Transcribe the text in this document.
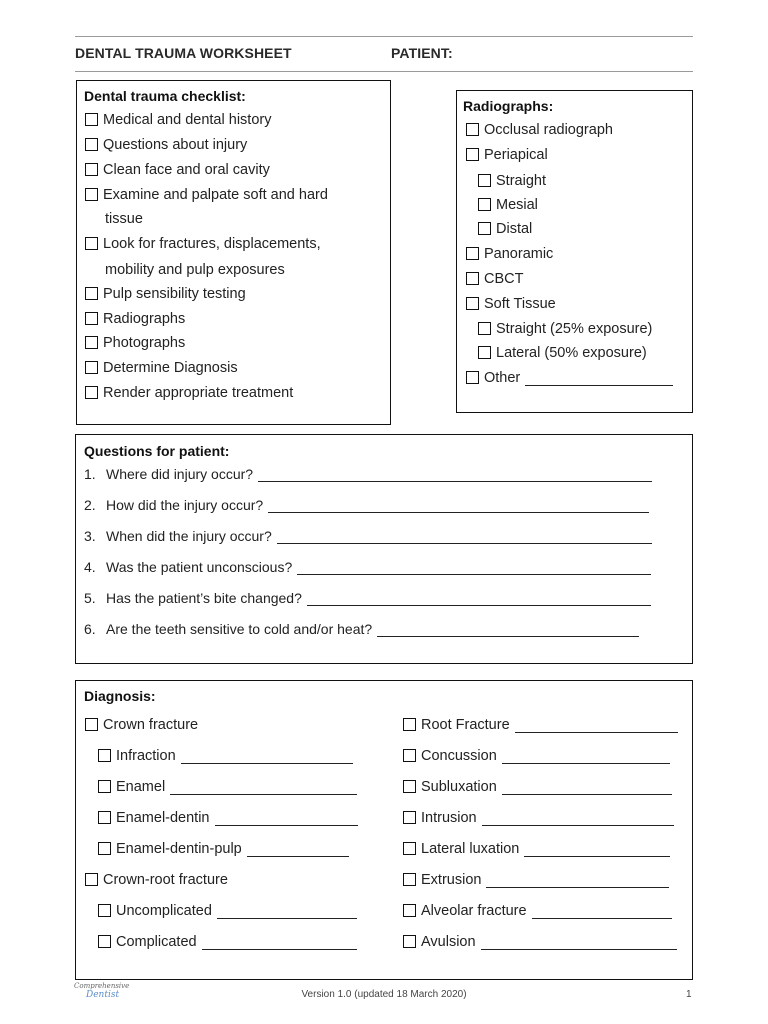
DENTAL TRAUMA WORKSHEET	PATIENT:
Dental trauma checklist:
Medical and dental history
Questions about injury
Clean face and oral cavity
Examine and palpate soft and hard
tissue
Look for fractures, displacements,
mobility and pulp exposures
Pulp sensibility testing
Radiographs
Photographs
Determine Diagnosis
Render appropriate treatment
Radiographs:
Occlusal radiograph
Periapical
Straight
Mesial
Distal
Panoramic
CBCT
Soft Tissue
Straight (25% exposure)
Lateral (50% exposure)
Other
Questions for patient:
1. Where did injury occur?
2. How did the injury occur?
3. When did the injury occur?
4. Was the patient unconscious?
5. Has the patient’s bite changed?
6. Are the teeth sensitive to cold and/or heat?
Diagnosis:
Crown fracture
Infraction
Enamel
Enamel-dentin
Enamel-dentin-pulp
Crown-root fracture
Uncomplicated
Complicated
Root Fracture
Concussion
Subluxation
Intrusion
Lateral luxation
Extrusion
Alveolar fracture
Avulsion
Comprehensive
Dentist	Version 1.0 (updated 18 March 2020)	1
